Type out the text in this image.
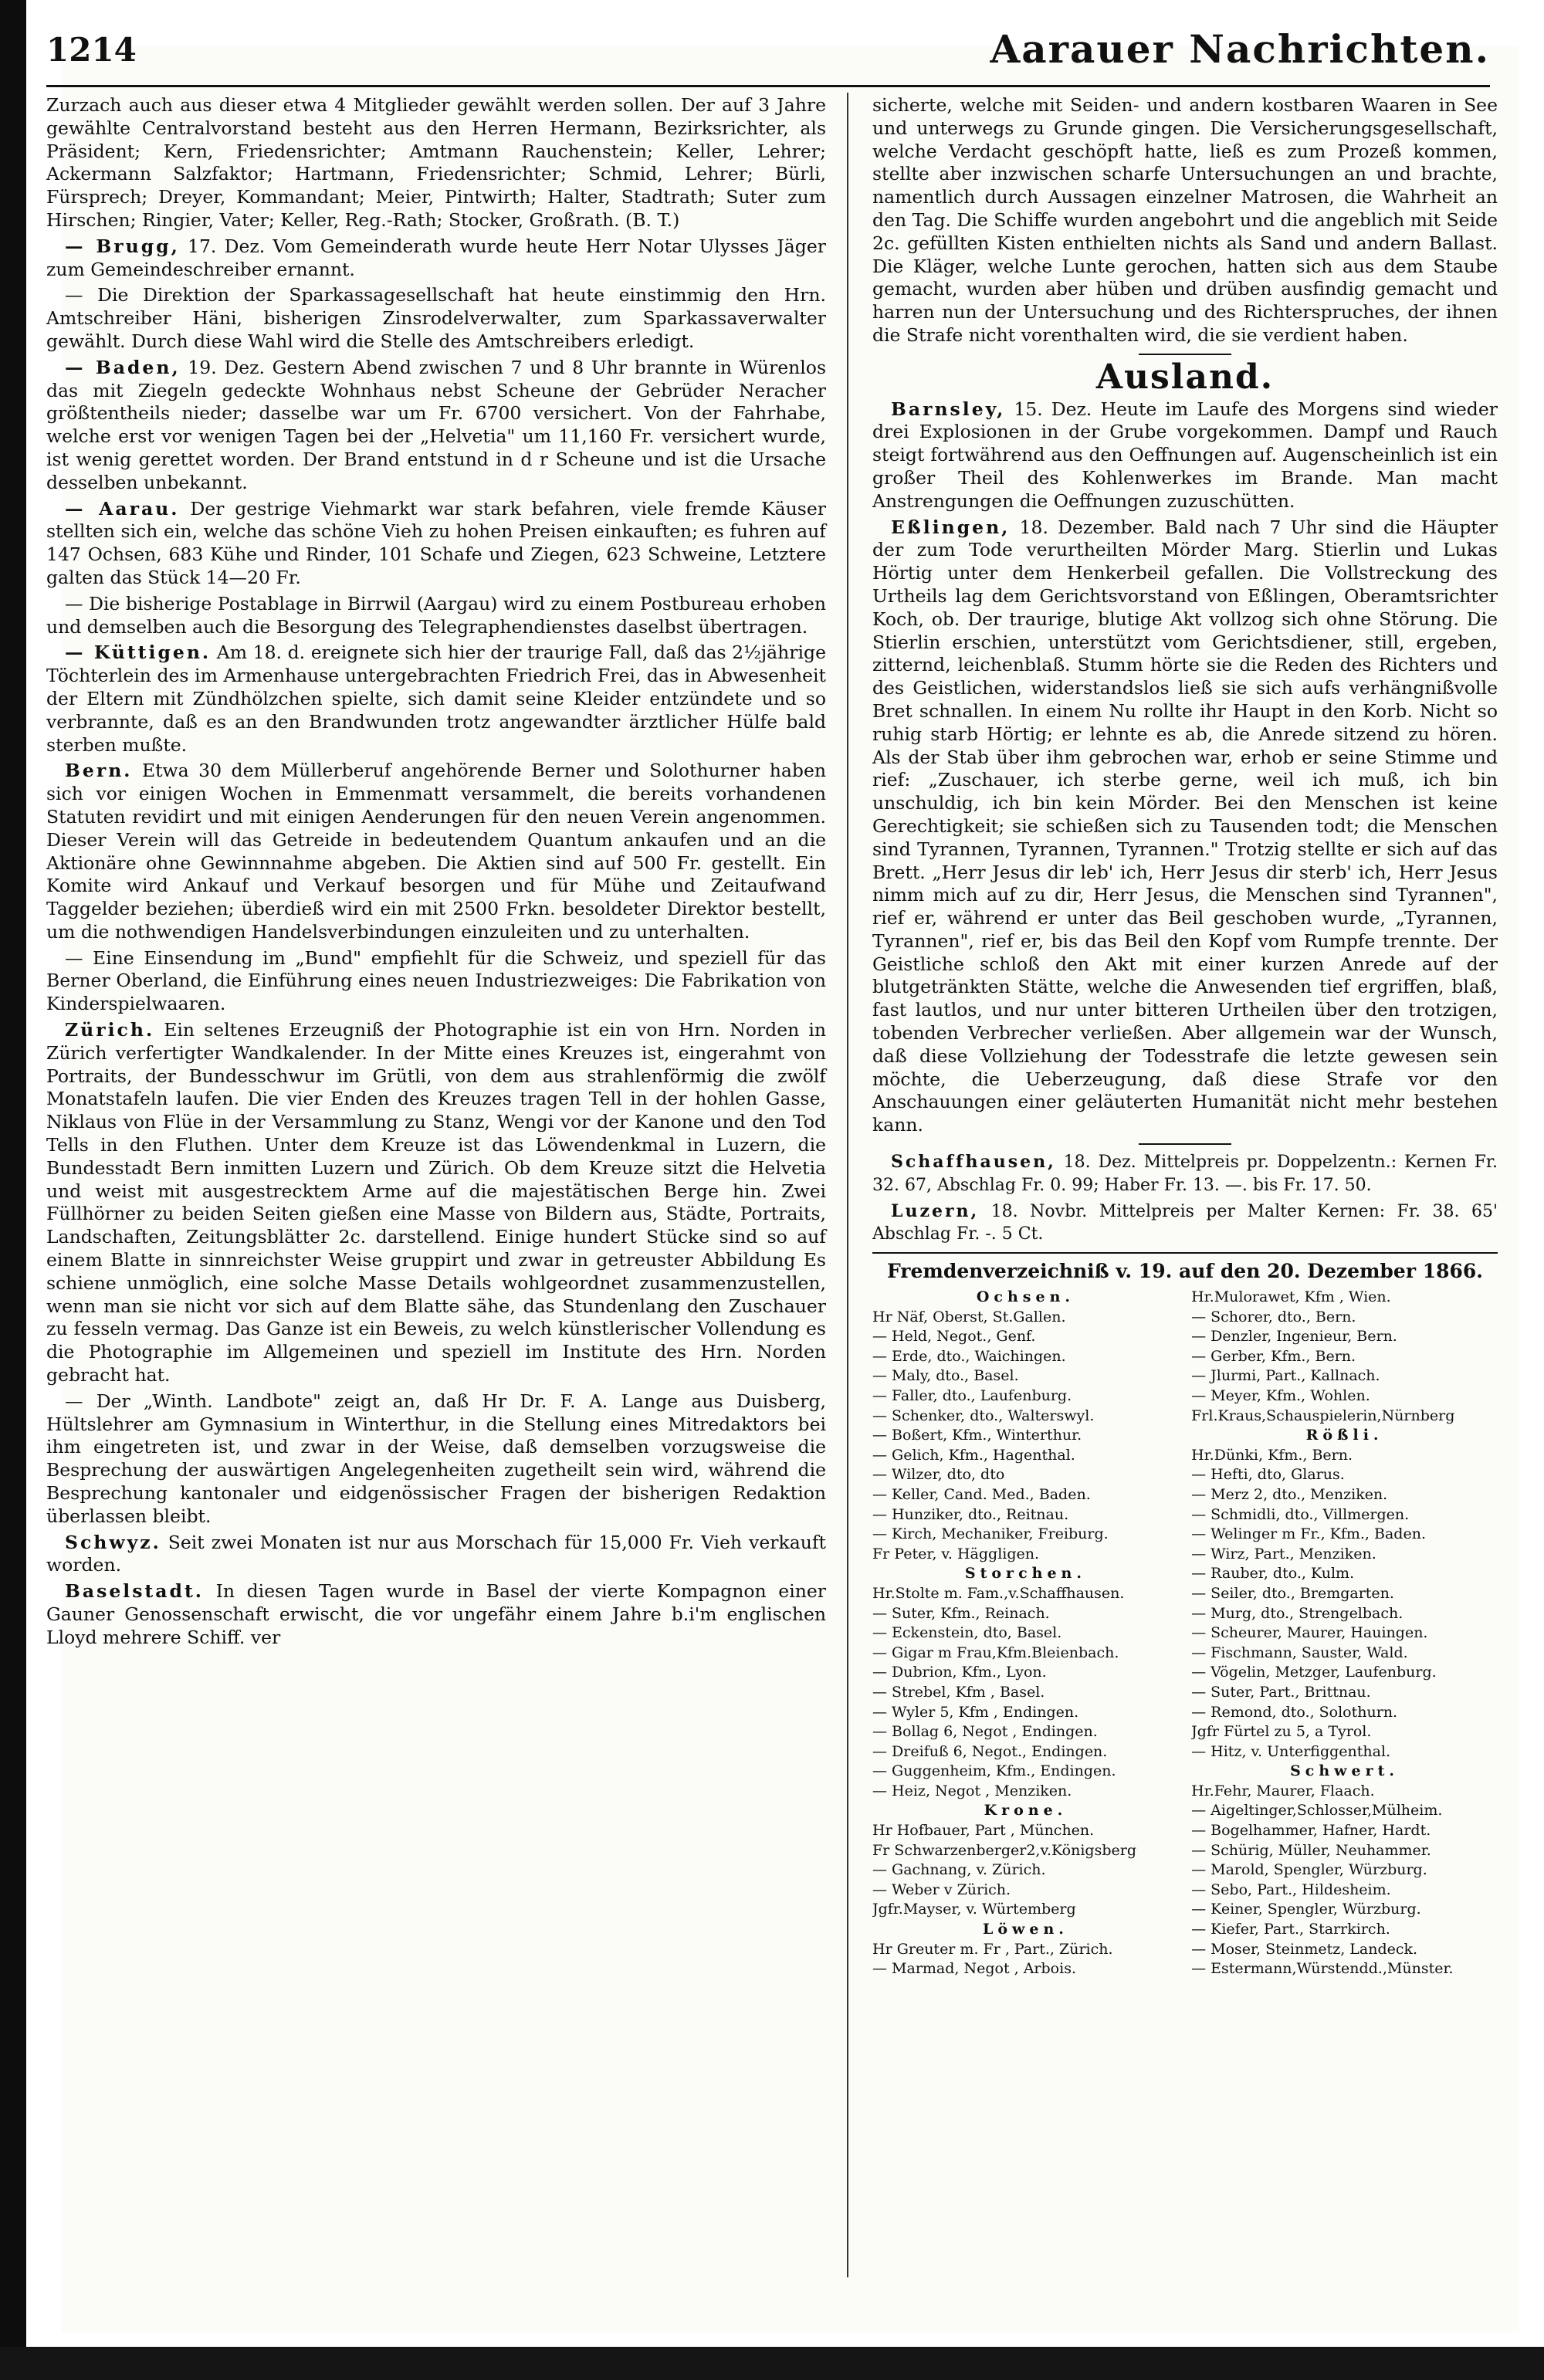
1214	Aarauer Nachrichten.

Zurzach auch aus dieser etwa 4 Mitglieder gewählt werden sollen. Der auf 3 Jahre gewählte Centralvorstand besteht aus den Herren Hermann, Bezirksrichter, als Präsident; Kern, Friedensrichter; Amtmann Rauchenstein; Keller, Lehrer; Ackermann Salzfaktor; Hartmann, Friedensrichter; Schmid, Lehrer; Bürli, Fürsprech; Dreyer, Kommandant; Meier, Pintwirth; Halter, Stadtrath; Suter zum Hirschen; Ringier, Vater; Keller, Reg.-Rath; Stocker, Großrath. (B. T.)

— Brugg, 17. Dez. Vom Gemeinderath wurde heute Herr Notar Ulysses Jäger zum Gemeindeschreiber ernannt.

— Die Direktion der Sparkassagesellschaft hat heute einstimmig den Hrn. Amtschreiber Häni, bisherigen Zinsrodelverwalter, zum Sparkassaverwalter gewählt. Durch diese Wahl wird die Stelle des Amtschreibers erledigt.

— Baden, 19. Dez. Gestern Abend zwischen 7 und 8 Uhr brannte in Würenlos das mit Ziegeln gedeckte Wohnhaus nebst Scheune der Gebrüder Neracher größtentheils nieder; dasselbe war um Fr. 6700 versichert. Von der Fahrhabe, welche erst vor wenigen Tagen bei der „Helvetia" um 11,160 Fr. versichert wurde, ist wenig gerettet worden. Der Brand entstund in d r Scheune und ist die Ursache desselben unbekannt.

— Aarau. Der gestrige Viehmarkt war stark befahren, viele fremde Käuser stellten sich ein, welche das schöne Vieh zu hohen Preisen einkauften; es fuhren auf 147 Ochsen, 683 Kühe und Rinder, 101 Schafe und Ziegen, 623 Schweine, Letztere galten das Stück 14—20 Fr.

— Die bisherige Postablage in Birrwil (Aargau) wird zu einem Postbureau erhoben und demselben auch die Besorgung des Telegraphendienstes daselbst übertragen.

— Küttigen. Am 18. d. ereignete sich hier der traurige Fall, daß das 2½jährige Töchterlein des im Armenhause untergebrachten Friedrich Frei, das in Abwesenheit der Eltern mit Zündhölzchen spielte, sich damit seine Kleider entzündete und so verbrannte, daß es an den Brandwunden trotz angewandter ärztlicher Hülfe bald sterben mußte.

Bern. Etwa 30 dem Müllerberuf angehörende Berner und Solothurner haben sich vor einigen Wochen in Emmenmatt versammelt, die bereits vorhandenen Statuten revidirt und mit einigen Aenderungen für den neuen Verein angenommen. Dieser Verein will das Getreide in bedeutendem Quantum ankaufen und an die Aktionäre ohne Gewinnnahme abgeben. Die Aktien sind auf 500 Fr. gestellt. Ein Komite wird Ankauf und Verkauf besorgen und für Mühe und Zeitaufwand Taggelder beziehen; überdieß wird ein mit 2500 Frkn. besoldeter Direktor bestellt, um die nothwendigen Handelsverbindungen einzuleiten und zu unterhalten.

— Eine Einsendung im „Bund" empfiehlt für die Schweiz, und speziell für das Berner Oberland, die Einführung eines neuen Industriezweiges: Die Fabrikation von Kinderspielwaaren.

Zürich. Ein seltenes Erzeugniß der Photographie ist ein von Hrn. Norden in Zürich verfertigter Wandkalender. In der Mitte eines Kreuzes ist, eingerahmt von Portraits, der Bundesschwur im Grütli, von dem aus strahlenförmig die zwölf Monatstafeln laufen. Die vier Enden des Kreuzes tragen Tell in der hohlen Gasse, Niklaus von Flüe in der Versammlung zu Stanz, Wengi vor der Kanone und den Tod Tells in den Fluthen. Unter dem Kreuze ist das Löwendenkmal in Luzern, die Bundesstadt Bern inmitten Luzern und Zürich. Ob dem Kreuze sitzt die Helvetia und weist mit ausgestrecktem Arme auf die majestätischen Berge hin. Zwei Füllhörner zu beiden Seiten gießen eine Masse von Bildern aus, Städte, Portraits, Landschaften, Zeitungsblätter 2c. darstellend. Einige hundert Stücke sind so auf einem Blatte in sinnreichster Weise gruppirt und zwar in getreuster Abbildung Es schiene unmöglich, eine solche Masse Details wohlgeordnet zusammenzustellen, wenn man sie nicht vor sich auf dem Blatte sähe, das Stundenlang den Zuschauer zu fesseln vermag. Das Ganze ist ein Beweis, zu welch künstlerischer Vollendung es die Photographie im Allgemeinen und speziell im Institute des Hrn. Norden gebracht hat.

— Der „Winth. Landbote" zeigt an, daß Hr Dr. F. A. Lange aus Duisberg, Hültslehrer am Gymnasium in Winterthur, in die Stellung eines Mitredaktors bei ihm eingetreten ist, und zwar in der Weise, daß demselben vorzugsweise die Besprechung der auswärtigen Angelegenheiten zugetheilt sein wird, während die Besprechung kantonaler und eidgenössischer Fragen der bisherigen Redaktion überlassen bleibt.

Schwyz. Seit zwei Monaten ist nur aus Morschach für 15,000 Fr. Vieh verkauft worden.

Baselstadt. In diesen Tagen wurde in Basel der vierte Kompagnon einer Gauner Genossenschaft erwischt, die vor ungefähr einem Jahre b.i'm englischen Lloyd mehrere Schiff. ver

sicherte, welche mit Seiden- und andern kostbaren Waaren in See und unterwegs zu Grunde gingen. Die Versicherungsgesellschaft, welche Verdacht geschöpft hatte, ließ es zum Prozeß kommen, stellte aber inzwischen scharfe Untersuchungen an und brachte, namentlich durch Aussagen einzelner Matrosen, die Wahrheit an den Tag. Die Schiffe wurden angebohrt und die angeblich mit Seide 2c. gefüllten Kisten enthielten nichts als Sand und andern Ballast. Die Kläger, welche Lunte gerochen, hatten sich aus dem Staube gemacht, wurden aber hüben und drüben ausfindig gemacht und harren nun der Untersuchung und des Richterspruches, der ihnen die Strafe nicht vorenthalten wird, die sie verdient haben.

Ausland.

Barnsley, 15. Dez. Heute im Laufe des Morgens sind wieder drei Explosionen in der Grube vorgekommen. Dampf und Rauch steigt fortwährend aus den Oeffnungen auf. Augenscheinlich ist ein großer Theil des Kohlenwerkes im Brande. Man macht Anstrengungen die Oeffnungen zuzuschütten.

Eßlingen, 18. Dezember. Bald nach 7 Uhr sind die Häupter der zum Tode verurtheilten Mörder Marg. Stierlin und Lukas Hörtig unter dem Henkerbeil gefallen. Die Vollstreckung des Urtheils lag dem Gerichtsvorstand von Eßlingen, Oberamtsrichter Koch, ob. Der traurige, blutige Akt vollzog sich ohne Störung. Die Stierlin erschien, unterstützt vom Gerichtsdiener, still, ergeben, zitternd, leichenblaß. Stumm hörte sie die Reden des Richters und des Geistlichen, widerstandslos ließ sie sich aufs verhängnißvolle Bret schnallen. In einem Nu rollte ihr Haupt in den Korb. Nicht so ruhig starb Hörtig; er lehnte es ab, die Anrede sitzend zu hören. Als der Stab über ihm gebrochen war, erhob er seine Stimme und rief: „Zuschauer, ich sterbe gerne, weil ich muß, ich bin unschuldig, ich bin kein Mörder. Bei den Menschen ist keine Gerechtigkeit; sie schießen sich zu Tausenden todt; die Menschen sind Tyrannen, Tyrannen, Tyrannen." Trotzig stellte er sich auf das Brett. „Herr Jesus dir leb' ich, Herr Jesus dir sterb' ich, Herr Jesus nimm mich auf zu dir, Herr Jesus, die Menschen sind Tyrannen", rief er, während er unter das Beil geschoben wurde, „Tyrannen, Tyrannen", rief er, bis das Beil den Kopf vom Rumpfe trennte. Der Geistliche schloß den Akt mit einer kurzen Anrede auf der blutgetränkten Stätte, welche die Anwesenden tief ergriffen, blaß, fast lautlos, und nur unter bitteren Urtheilen über den trotzigen, tobenden Verbrecher verließen. Aber allgemein war der Wunsch, daß diese Vollziehung der Todesstrafe die letzte gewesen sein möchte, die Ueberzeugung, daß diese Strafe vor den Anschauungen einer geläuterten Humanität nicht mehr bestehen kann.

Schaffhausen, 18. Dez. Mittelpreis pr. Doppelzentn.: Kernen Fr. 32. 67, Abschlag Fr. 0. 99; Haber Fr. 13. —. bis Fr. 17. 50.

Luzern, 18. Novbr. Mittelpreis per Malter Kernen: Fr. 38. 65' Abschlag Fr. -. 5 Ct.

Fremdenverzeichniß v. 19. auf den 20. Dezember 1866.
Ochsen.
Hr Näf, Oberst, St.Gallen.
— Held, Negot., Genf.
— Erde, dto., Waichingen.
— Maly, dto., Basel.
— Faller, dto., Laufenburg.
— Schenker, dto., Walterswyl.
— Boßert, Kfm., Winterthur.
— Gelich, Kfm., Hagenthal.
— Wilzer, dto, dto
— Keller, Cand. Med., Baden.
— Hunziker, dto., Reitnau.
— Kirch, Mechaniker, Freiburg.
Fr Peter, v. Häggligen.
Storchen.
Hr.Stolte m. Fam.,v.Schaffhausen.
— Suter, Kfm., Reinach.
— Eckenstein, dto, Basel.
— Gigar m Frau,Kfm.Bleienbach.
— Dubrion, Kfm., Lyon.
— Strebel, Kfm , Basel.
— Wyler 5, Kfm , Endingen.
— Bollag 6, Negot , Endingen.
— Dreifuß 6, Negot., Endingen.
— Guggenheim, Kfm., Endingen.
— Heiz, Negot , Menziken.
Krone.
Hr Hofbauer, Part , München.
Fr Schwarzenberger2,v.Königsberg
— Gachnang, v. Zürich.
— Weber v Zürich.
Jgfr.Mayser, v. Würtemberg
Löwen.
Hr Greuter m. Fr , Part., Zürich.
— Marmad, Negot , Arbois.
Hr.Mulorawet, Kfm , Wien.
— Schorer, dto., Bern.
— Denzler, Ingenieur, Bern.
— Gerber, Kfm., Bern.
— Jlurmi, Part., Kallnach.
— Meyer, Kfm., Wohlen.
Frl.Kraus,Schauspielerin,Nürnberg
Rößli.
Hr.Dünki, Kfm., Bern.
— Hefti, dto, Glarus.
— Merz 2, dto., Menziken.
— Schmidli, dto., Villmergen.
— Welinger m Fr., Kfm., Baden.
— Wirz, Part., Menziken.
— Rauber, dto., Kulm.
— Seiler, dto., Bremgarten.
— Murg, dto., Strengelbach.
— Scheurer, Maurer, Hauingen.
— Fischmann, Sauster, Wald.
— Vögelin, Metzger, Laufenburg.
— Suter, Part., Brittnau.
— Remond, dto., Solothurn.
Jgfr Fürtel zu 5, a Tyrol.
— Hitz, v. Unterfiggenthal.
Schwert.
Hr.Fehr, Maurer, Flaach.
— Aigeltinger,Schlosser,Mülheim.
— Bogelhammer, Hafner, Hardt.
— Schürig, Müller, Neuhammer.
— Marold, Spengler, Würzburg.
— Sebo, Part., Hildesheim.
— Keiner, Spengler, Würzburg.
— Kiefer, Part., Starrkirch.
— Moser, Steinmetz, Landeck.
— Estermann,Würstendd.,Münster.
